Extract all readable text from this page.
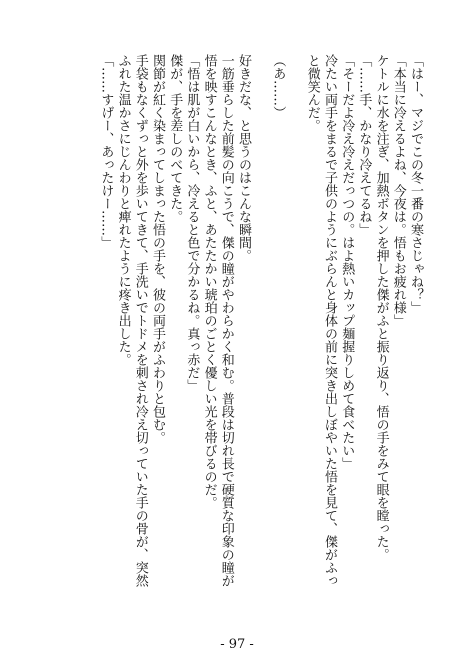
「はー、マジでこの冬一番の寒さじゃね？」
「本当に冷えるよね、今夜は。悟もお疲れ様」
ケトルに水を注ぎ、加熱ボタンを押した傑がふと振り返り、悟の手をみて眼を瞠った。
「……手、かなり冷えてるね」
「そーだよ冷え冷えだっつの。はよ熱いカップ麺握りしめて食べたい」
冷たい両手をまるで子供のようにぶらんと身体の前に突き出しぼやいた悟を見て、傑がふっ
と微笑んだ。
（あ……）
好きだな、と思うのはこんな瞬間。
一筋垂らした前髪の向こうで、傑の瞳がやわらかく和む。普段は切れ長で硬質な印象の瞳が
悟を映すこんなとき、ふと、あたたかい琥珀のごとく優しい光を帯びるのだ。
「悟は肌が白いから、冷えると色で分かるね。真っ赤だ」
傑が、手を差しのべてきた。
関節が紅く染まってしまった悟の手を、彼の両手がふわりと包む。
手袋もなくずっと外を歩いてきて、手洗いでトドメを刺され冷え切っていた手の骨が、突然
ふれた温かさにじんわりと痺れたように疼き出した。
「……すげー、あったけー……」
- 97 -
